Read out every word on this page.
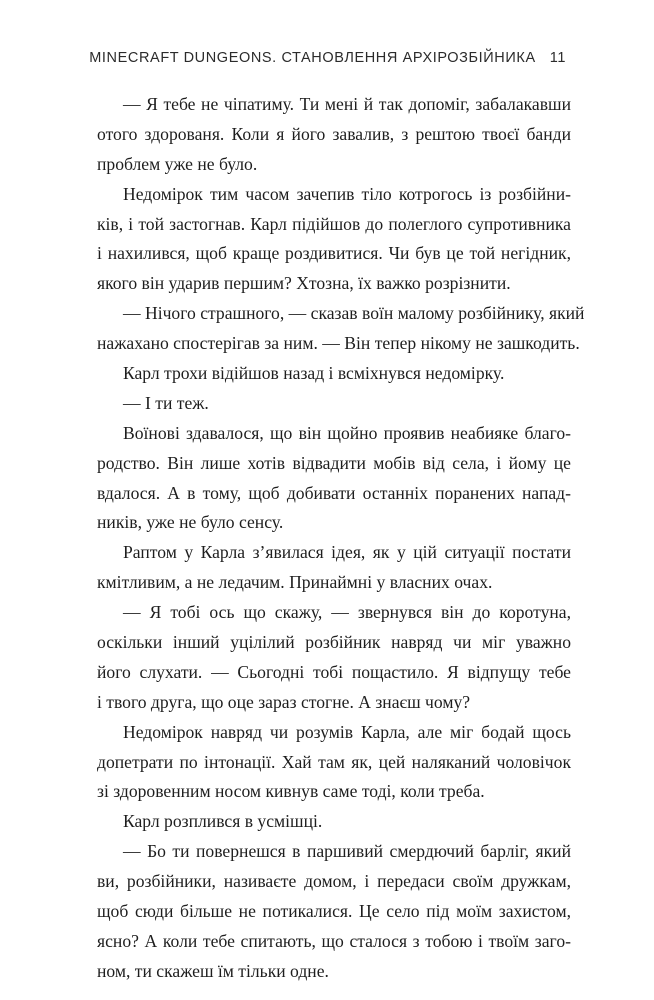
MINECRAFT DUNGEONS. СТАНОВЛЕННЯ АРХІРОЗБІЙНИКА 11
— Я тебе не чіпатиму. Ти мені й так допоміг, забалакавши
отого здорованя. Коли я його завалив, з рештою твоєї банди
проблем уже не було.
Недомірок тим часом зачепив тіло котрогось із розбійни-
ків, і той застогнав. Карл підійшов до полеглого супротивника
і нахилився, щоб краще роздивитися. Чи був це той негідник,
якого він ударив першим? Хтозна, їх важко розрізнити.
— Нічого страшного, — сказав воїн малому розбійнику, який
нажахано спостерігав за ним. — Він тепер нікому не зашкодить.
Карл трохи відійшов назад і всміхнувся недомірку.
— І ти теж.
Воїнові здавалося, що він щойно проявив неабияке благо-
родство. Він лише хотів відвадити мобів від села, і йому це
вдалося. А в тому, щоб добивати останніх поранених напад-
ників, уже не було сенсу.
Раптом у Карла з’явилася ідея, як у цій ситуації постати
кмітливим, а не ледачим. Принаймні у власних очах.
— Я тобі ось що скажу, — звернувся він до коротуна,
оскільки інший уцілілий розбійник навряд чи міг уважно
його слухати. — Сьогодні тобі пощастило. Я відпущу тебе
і твого друга, що оце зараз стогне. А знаєш чому?
Недомірок навряд чи розумів Карла, але міг бодай щось
допетрати по інтонації. Хай там як, цей наляканий чоловічок
зі здоровенним носом кивнув саме тоді, коли треба.
Карл розплився в усмішці.
— Бо ти повернешся в паршивий смердючий барліг, який
ви, розбійники, називаєте домом, і передаси своїм дружкам,
щоб сюди більше не потикалися. Це село під моїм захистом,
ясно? А коли тебе спитають, що сталося з тобою і твоїм заго-
ном, ти скажеш їм тільки одне.
